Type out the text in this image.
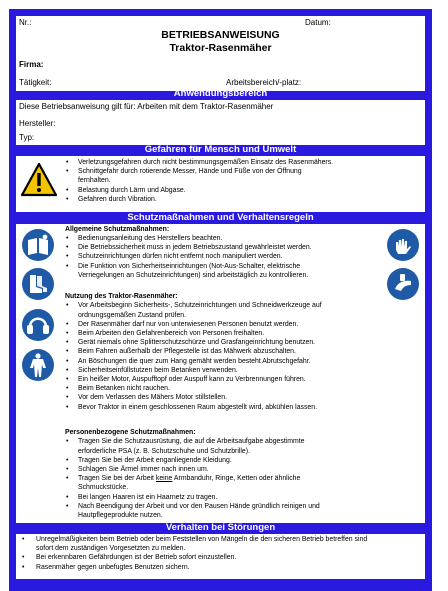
Nr.:	Datum:
BETRIEBSANWEISUNG
Traktor-Rasenmäher
Firma:
Tätigkeit:	Arbeitsbereich/-platz:
Anwendungsbereich
Diese Betriebsanweisung gilt für: Arbeiten mit dem Traktor-Rasenmäher
Hersteller:
Typ:
Gefahren für Mensch und Umwelt
• Verletzungsgefahren durch nicht bestimmungsgemäßen Einsatz des Rasenmähers.
• Schnittgefahr durch rotierende Messer, Hände und Füße von der Öffnung
fernhalten.
• Belastung durch Lärm und Abgase.
• Gefahren durch Vibration.
Schutzmaßnahmen und Verhaltensregeln
Allgemeine Schutzmaßnahmen:
• Bedienungsanleitung des Herstellers beachten.
• Die Betriebssicherheit muss in jedem Betriebszustand gewährleistet werden.
• Schutzeinrichtungen dürfen nicht entfernt noch manipuliert werden.
• Die Funktion von Sicherheitseinrichtungen (Not-Aus-Schalter, elektrische
Verriegelungen an Schutzeinrichtungen) sind arbeitstäglich zu kontrollieren.
Nutzung des Traktor-Rasenmäher:
• Vor Arbeitsbeginn Sicherheits-, Schutzeinrichtungen und Schneidwerkzeuge auf
ordnungsgemäßen Zustand prüfen.
• Der Rasenmäher darf nur von unterwiesenen Personen benutzt werden.
• Beim Arbeiten den Gefahrenbereich von Personen freihalten.
• Gerät niemals ohne Splitterschutzschürze und Grasfangeinrichtung benutzen.
• Beim Fahren außerhalb der Pflegestelle ist das Mähwerk abzuschalten.
• An Böschungen die quer zum Hang gemäht werden besteht Abrutschgefahr.
• Sicherheitseinfüllstutzen beim Betanken verwenden.
• Ein heißer Motor, Auspufftopf oder Auspuff kann zu Verbrennungen führen.
• Beim Betanken nicht rauchen.
• Vor dem Verlassen des Mähers Motor stillstellen.
• Bevor Traktor in einem geschlossenen Raum abgestellt wird, abkühlen lassen.
Personenbezogene Schutzmaßnahmen:
• Tragen Sie die Schutzausrüstung, die auf die Arbeitsaufgabe abgestimmte
erforderliche PSA (z. B. Schutzschuhe und Schutzbrille).
• Tragen Sie bei der Arbeit enganliegende Kleidung.
• Schlagen Sie Ärmel immer nach innen um.
• Tragen Sie bei der Arbeit keine Armbanduhr, Ringe, Ketten oder ähnliche
Schmuckstücke.
• Bei langen Haaren ist ein Haarnetz zu tragen.
• Nach Beendigung der Arbeit und vor den Pausen Hände gründlich reinigen und
Hautpflegeprodukte nutzen.
Verhalten bei Störungen
• Unregelmäßigkeiten beim Betrieb oder beim Feststellen von Mängeln die den sicheren Betrieb betreffen sind
sofort dem zuständigen Vorgesetzten zu melden.
• Bei erkennbaren Gefährdungen ist der Betrieb sofort einzustellen.
• Rasenmäher gegen unbefugtes Benutzen sichern.
